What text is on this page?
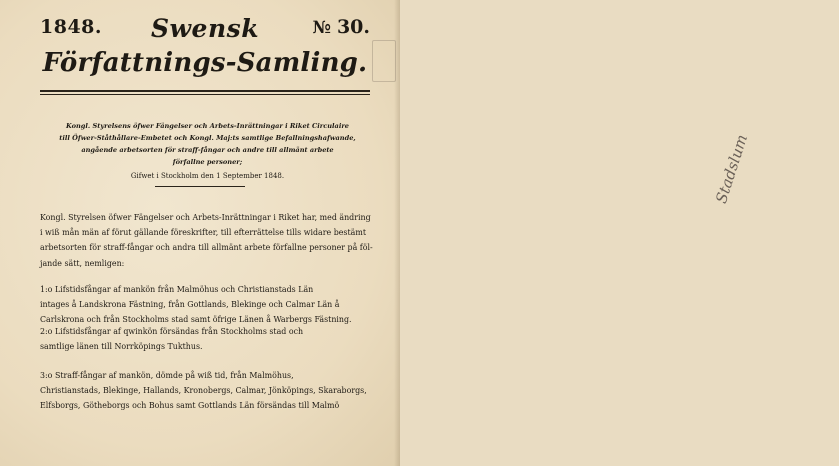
1848.	№ 30.
Swensk
Författnings-Samling.
Kongl. Styrelsens öfwer Fängelser och Arbets-Inrättningar i Riket Circulaire
till Öfwer-Ståthållare-Embetet och Kongl. Maj:ts samtlige Befallningshafwande,
angående arbetsorten för straff-fångar och andre till allmänt arbete
förfallne personer;
Gifwet i Stockholm den 1 September 1848.
Kongl. Styrelsen öfwer Fängelser och Arbets-Inrättningar i Riket har, med ändring
i wiß mån män af förut gällande föreskrifter, till efterrättelse tills widare bestämt
arbetsorten för straff-fångar och andra till allmänt arbete förfallne personer på föl-
jande sätt, nemligen:
1:o Lifstidsfångar af mankön från Malmöhus och Christianstads Län
intages å Landskrona Fästning, från Gottlands, Blekinge och Calmar Län å
Carlskrona och från Stockholms stad samt öfrige Länen å Warbergs Fästning.
2:o Lifstidsfångar af qwinkön försändas från Stockholms stad och
samtlige länen till Norrköpings Tukthus.
3:o Straff-fångar af mankön, dömde på wiß tid, från Malmöhus,
Christianstads, Blekinge, Hallands, Kronobergs, Calmar, Jönköpings, Skaraborgs,
Elfsborgs, Götheborgs och Bohus samt Gottlands Län försändas till Malmö
Stadslum
